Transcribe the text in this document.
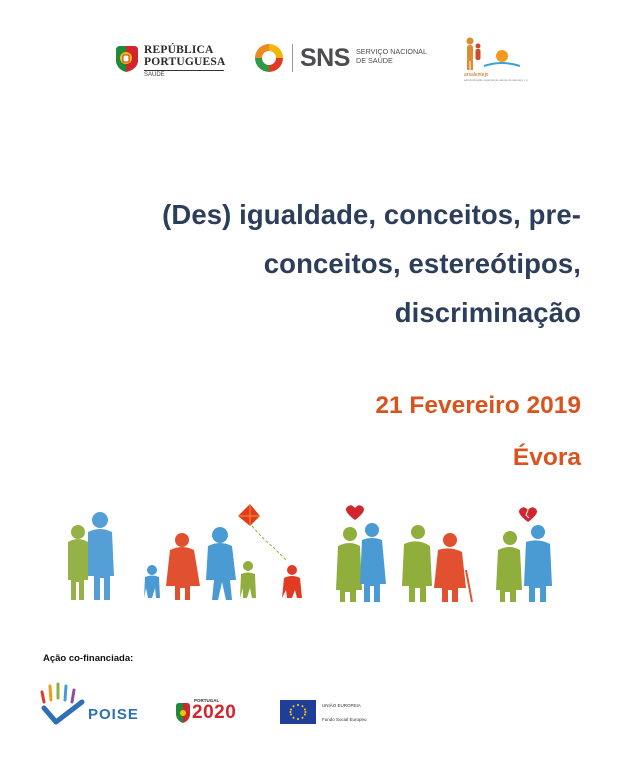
REPÚBLICA
PORTUGUESA
SAÚDE
SNS SERVIÇO NACIONAL
DE SAÚDE
arsalentejo
administração regional de saúde do alentejo, i.p.
(Des) igualdade, conceitos, pre-
conceitos, estereótipos,
discriminação
21 Fevereiro 2019
Évora
Ação co-financiada:
POISE
PORTUGAL
2020	UNIÃO EUROPEIA
Fundo Social Europeu
